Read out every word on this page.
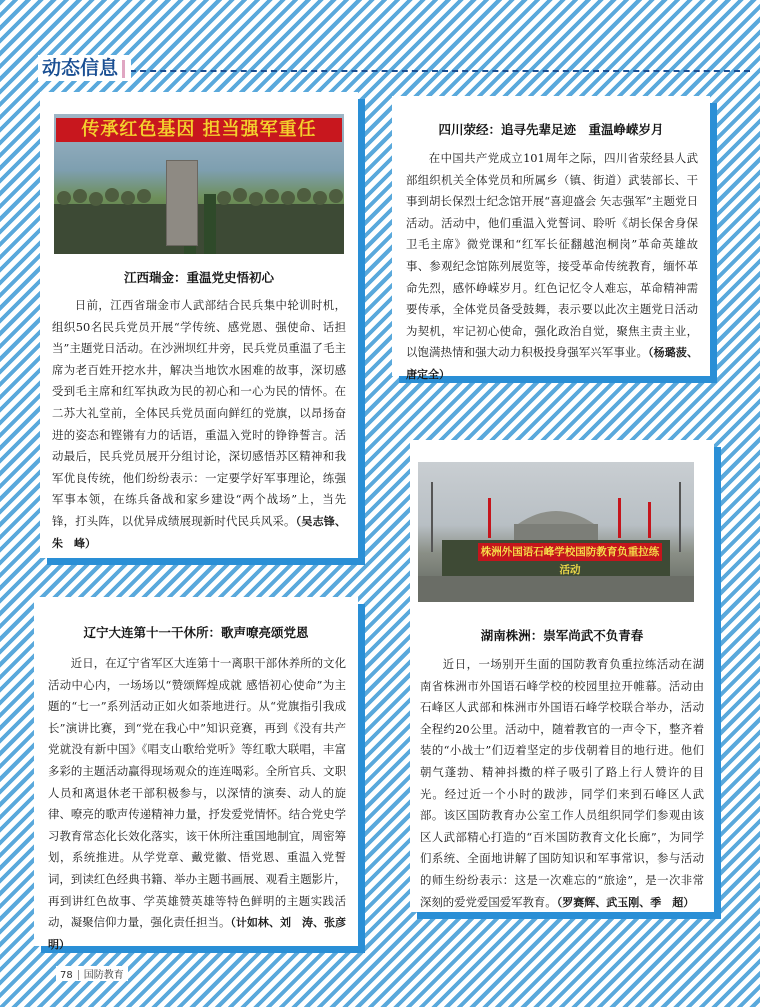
动态信息
传承红色基因 担当强军重任

江西瑞金：重温党史悟初心

日前，江西省瑞金市人武部结合民兵集中轮训时机，组织50名民兵党员开展“学传统、感党恩、强使命、话担当”主题党日活动。在沙洲坝红井旁，民兵党员重温了毛主席为老百姓开挖水井，解决当地饮水困难的故事，深切感受到毛主席和红军执政为民的初心和一心为民的情怀。在二苏大礼堂前，全体民兵党员面向鲜红的党旗，以昂扬奋进的姿态和铿锵有力的话语，重温入党时的铮铮誓言。活动最后，民兵党员展开分组讨论，深切感悟苏区精神和我军优良传统，他们纷纷表示：一定要学好军事理论，练强军事本领，在练兵备战和家乡建设“两个战场”上，当先锋，打头阵，以优异成绩展现新时代民兵风采。（吴志锋、朱　峰）

四川荥经：追寻先辈足迹　重温峥嵘岁月

在中国共产党成立101周年之际，四川省荥经县人武部组织机关全体党员和所属乡（镇、街道）武装部长、干事到胡长保烈士纪念馆开展“喜迎盛会 矢志强军”主题党日活动。活动中，他们重温入党誓词、聆听《胡长保舍身保卫毛主席》微党课和“红军长征翻越泡桐岗”革命英雄故事、参观纪念馆陈列展览等，接受革命传统教育，缅怀革命先烈，感怀峥嵘岁月。红色记忆令人难忘，革命精神需要传承，全体党员备受鼓舞，表示要以此次主题党日活动为契机，牢记初心使命，强化政治自觉，聚焦主责主业，以饱满热情和强大动力积极投身强军兴军事业。（杨璐菠、唐定全）

辽宁大连第十一干休所：歌声嘹亮颂党恩

近日，在辽宁省军区大连第十一离职干部休养所的文化活动中心内，一场场以“赞颂辉煌成就 感悟初心使命”为主题的“七一”系列活动正如火如荼地进行。从“党旗指引我成长”演讲比赛，到“党在我心中”知识竞赛，再到《没有共产党就没有新中国》《唱支山歌给党听》等红歌大联唱，丰富多彩的主题活动赢得现场观众的连连喝彩。全所官兵、文职人员和离退休老干部积极参与，以深情的演奏、动人的旋律、嘹亮的歌声传递精神力量，抒发爱党情怀。结合党史学习教育常态化长效化落实，该干休所注重国地制宜，周密筹划，系统推进。从学党章、戴党徽、悟党恩、重温入党誓词，到读红色经典书籍、举办主题书画展、观看主题影片，再到讲红色故事、学英雄赞英雄等特色鲜明的主题实践活动，凝聚信仰力量，强化责任担当。（计如林、刘　涛、张彦明）

株洲外国语石峰学校国防教育负重拉练活动

湖南株洲：崇军尚武不负青春

近日，一场别开生面的国防教育负重拉练活动在湖南省株洲市外国语石峰学校的校园里拉开帷幕。活动由石峰区人武部和株洲市外国语石峰学校联合举办，活动全程约20公里。活动中，随着教官的一声令下，整齐着装的“小战士”们迈着坚定的步伐朝着目的地行进。他们朝气蓬勃、精神抖擞的样子吸引了路上行人赞许的目光。经过近一个小时的跋涉，同学们来到石峰区人武部。该区国防教育办公室工作人员组织同学们参观由该区人武部精心打造的“百米国防教育文化长廊”，为同学们系统、全面地讲解了国防知识和军事常识，参与活动的师生纷纷表示：这是一次难忘的“旅途”，是一次非常深刻的爱党爱国爱军教育。（罗赛辉、武玉刚、季　超）

78 国防教育
